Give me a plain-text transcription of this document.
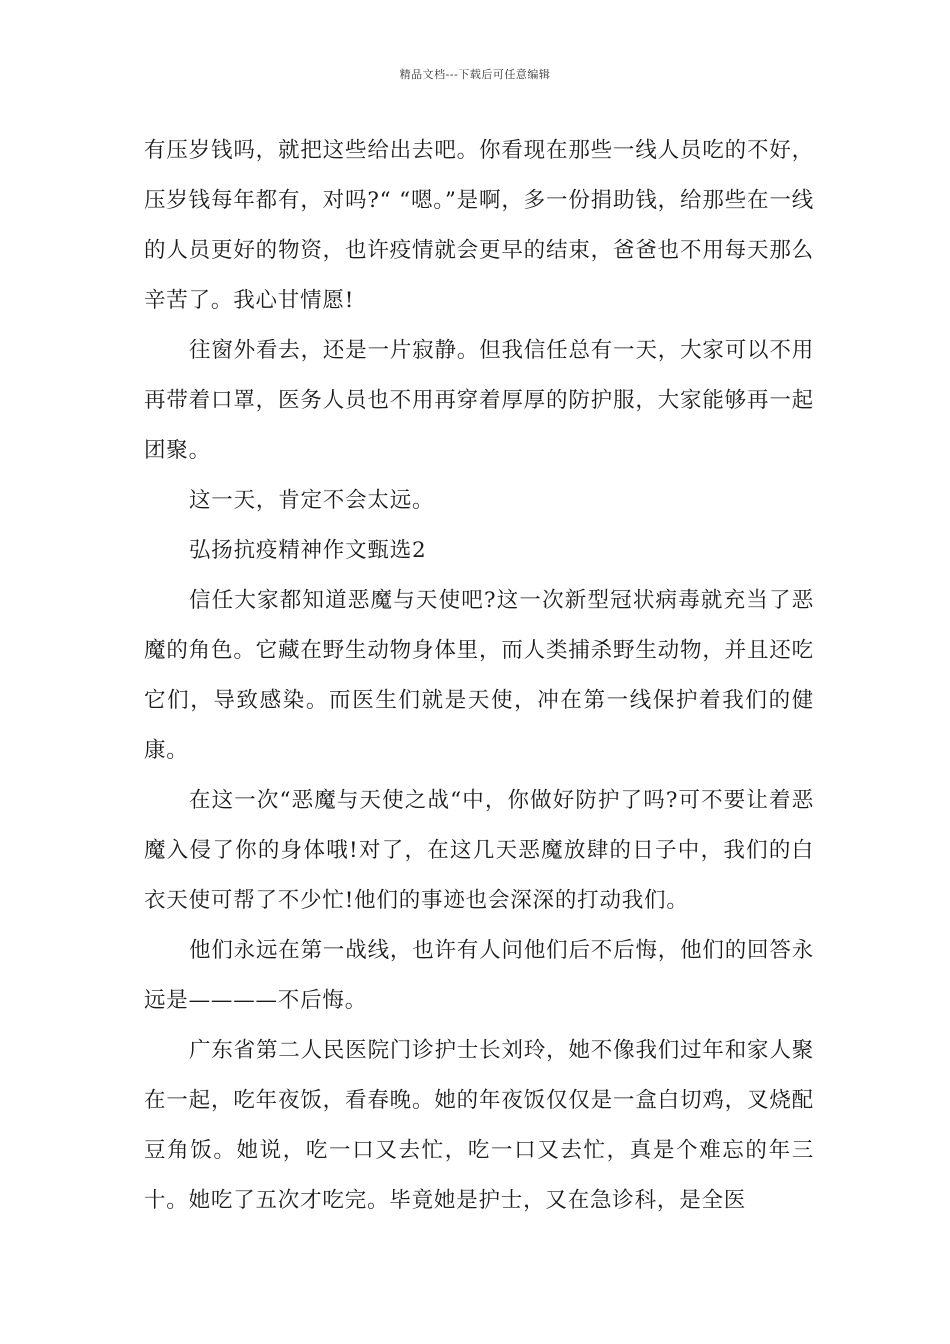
精品文档---下载后可任意编辑

有压岁钱吗，就把这些给出去吧。你看现在那些一线人员吃的不好，压岁钱每年都有，对吗?“ “嗯。”是啊，多一份捐助钱，给那些在一线的人员更好的物资，也许疫情就会更早的结束，爸爸也不用每天那么辛苦了。我心甘情愿!

往窗外看去，还是一片寂静。但我信任总有一天，大家可以不用再带着口罩，医务人员也不用再穿着厚厚的防护服，大家能够再一起团聚。

这一天，肯定不会太远。

弘扬抗疫精神作文甄选2

信任大家都知道恶魔与天使吧?这一次新型冠状病毒就充当了恶魔的角色。它藏在野生动物身体里，而人类捕杀野生动物，并且还吃它们，导致感染。而医生们就是天使，冲在第一线保护着我们的健康。

在这一次“恶魔与天使之战“中，你做好防护了吗?可不要让着恶魔入侵了你的身体哦!对了，在这几天恶魔放肆的日子中，我们的白衣天使可帮了不少忙!他们的事迹也会深深的打动我们。

他们永远在第一战线，也许有人问他们后不后悔，他们的回答永远是————不后悔。

广东省第二人民医院门诊护士长刘玲，她不像我们过年和家人聚在一起，吃年夜饭，看春晚。她的年夜饭仅仅是一盒白切鸡，叉烧配豆角饭。她说，吃一口又去忙，吃一口又去忙，真是个难忘的年三十。她吃了五次才吃完。毕竟她是护士，又在急诊科，是全医
